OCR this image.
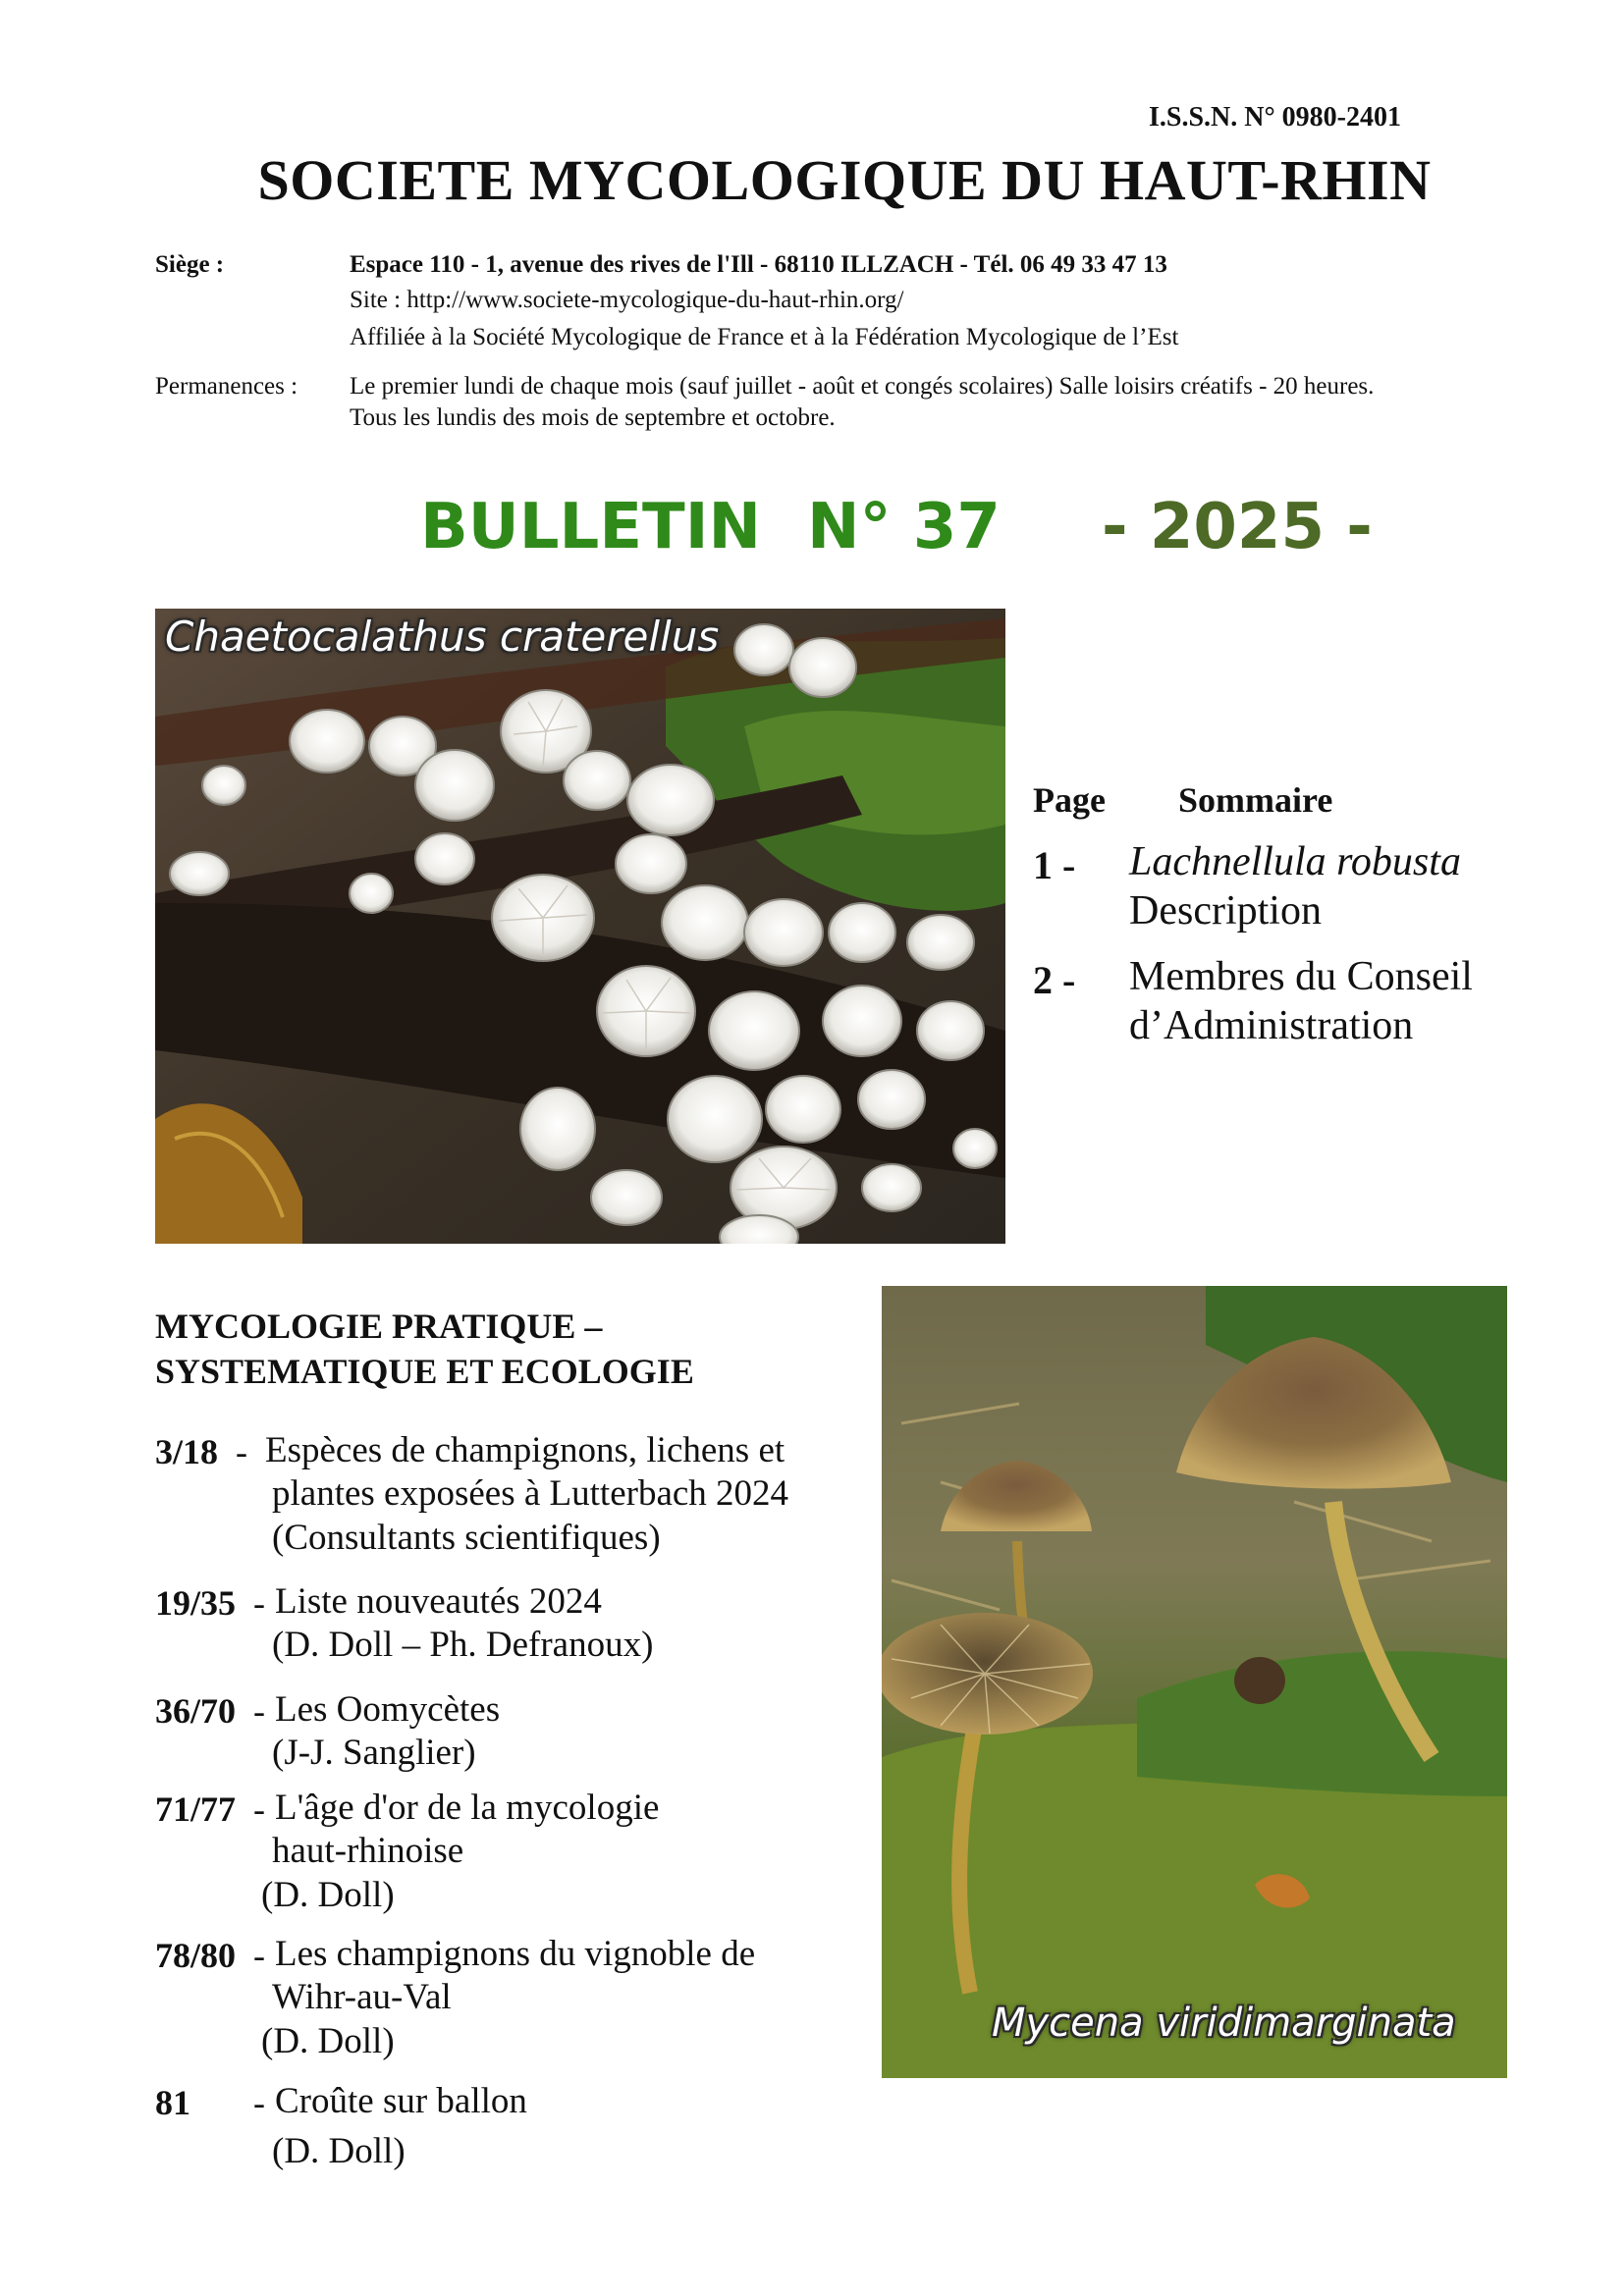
I.S.S.N. N° 0980-2401
SOCIETE MYCOLOGIQUE DU HAUT-RHIN
Siège :	Espace 110 - 1, avenue des rives de l'Ill - 68110 ILLZACH - Tél. 06 49 33 47 13
Site : http://www.societe-mycologique-du-haut-rhin.org/
Affiliée à la Société Mycologique de France et à la Fédération Mycologique de l’Est
Permanences : Le premier lundi de chaque mois (sauf juillet - août et congés scolaires) Salle loisirs créatifs - 20 heures.
Tous les lundis des mois de septembre et octobre.
BULLETIN N° 37 - 2025 -
Chaetocalathus craterellus
Page Sommaire
1 - Lachnellula robusta
Description
2 - Membres du Conseil
d’Administration
MYCOLOGIE PRATIQUE –
SYSTEMATIQUE ET ECOLOGIE
3/18 - Espèces de champignons, lichens et
plantes exposées à Lutterbach 2024
(Consultants scientifiques)
19/35 - Liste nouveautés 2024
(D. Doll – Ph. Defranoux)
36/70 - Les Oomycètes
(J-J. Sanglier)
71/77 - L'âge d'or de la mycologie
haut-rhinoise
(D. Doll)
78/80 - Les champignons du vignoble de
Wihr-au-Val
(D. Doll)
81 - Croûte sur ballon
(D. Doll)
Mycena viridimarginata
